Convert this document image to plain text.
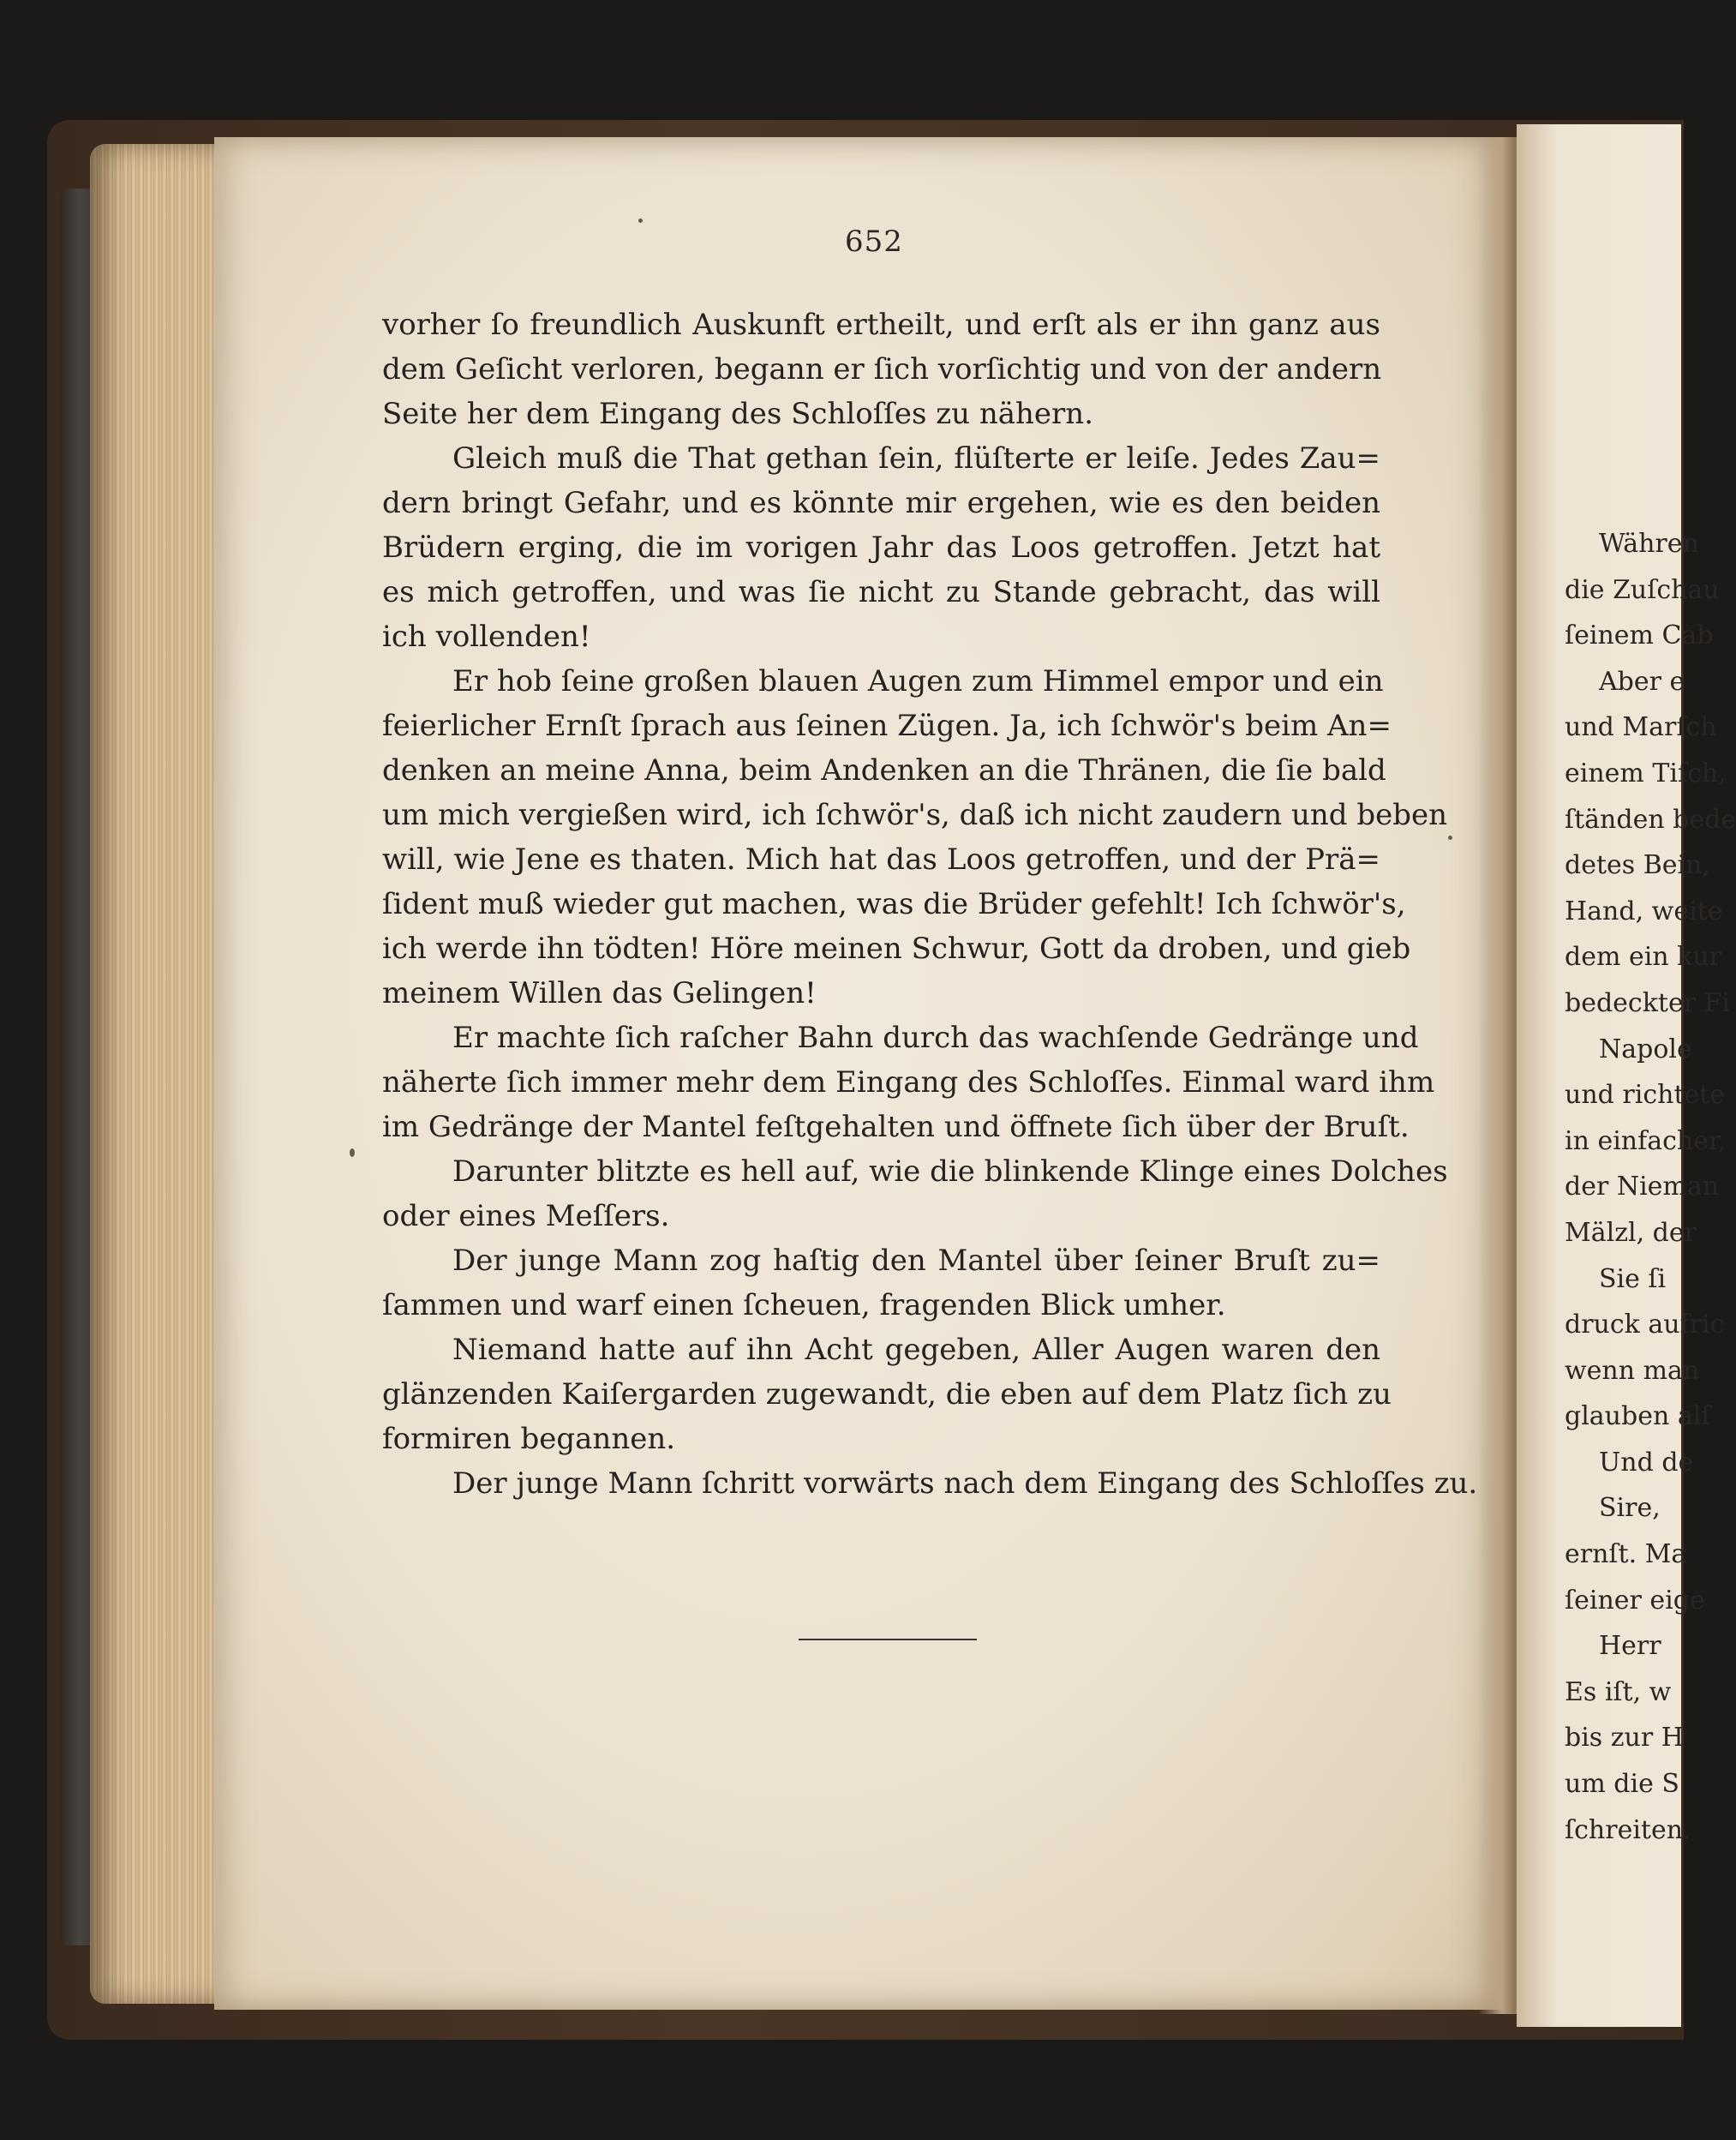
652
vorher ſo freundlich Auskunft ertheilt, und erſt als er ihn ganz aus
dem Geſicht verloren, begann er ſich vorſichtig und von der andern
Seite her dem Eingang des Schloſſes zu nähern.
Gleich muß die That gethan ſein, flüſterte er leiſe. Jedes Zau=
dern bringt Gefahr, und es könnte mir ergehen, wie es den beiden
Brüdern erging, die im vorigen Jahr das Loos getroffen. Jetzt hat
es mich getroffen, und was ſie nicht zu Stande gebracht, das will
ich vollenden!
Er hob ſeine großen blauen Augen zum Himmel empor und ein
feierlicher Ernſt ſprach aus ſeinen Zügen. Ja, ich ſchwör's beim An=
denken an meine Anna, beim Andenken an die Thränen, die ſie bald
um mich vergießen wird, ich ſchwör's, daß ich nicht zaudern und beben
will, wie Jene es thaten. Mich hat das Loos getroffen, und der Prä=
ſident muß wieder gut machen, was die Brüder gefehlt! Ich ſchwör's,
ich werde ihn tödten! Höre meinen Schwur, Gott da droben, und gieb
meinem Willen das Gelingen!
Er machte ſich raſcher Bahn durch das wachſende Gedränge und
näherte ſich immer mehr dem Eingang des Schloſſes. Einmal ward ihm
im Gedränge der Mantel feſtgehalten und öffnete ſich über der Bruſt.
Darunter blitzte es hell auf, wie die blinkende Klinge eines Dolches
oder eines Meſſers.
Der junge Mann zog haſtig den Mantel über ſeiner Bruſt zu=
ſammen und warf einen ſcheuen, fragenden Blick umher.
Niemand hatte auf ihn Acht gegeben, Aller Augen waren den
glänzenden Kaiſergarden zugewandt, die eben auf dem Platz ſich zu
formiren begannen.
Der junge Mann ſchritt vorwärts nach dem Eingang des Schloſſes zu.
Währen
die Zuſchau
ſeinem Cab
Aber e
und Marſch
einem Tiſch,
ſtänden bede
detes Bein,
Hand, weite
dem ein kur
bedeckter Fi
Napole
und richtete
in einfacher,
der Nieman
Mälzl, der
Sie ſi
druck aufric
wenn man
glauben alſ
Und de
Sire,
ernſt. Ma
ſeiner eige
Herr
Es iſt, w
bis zur H
um die S
ſchreiten.
